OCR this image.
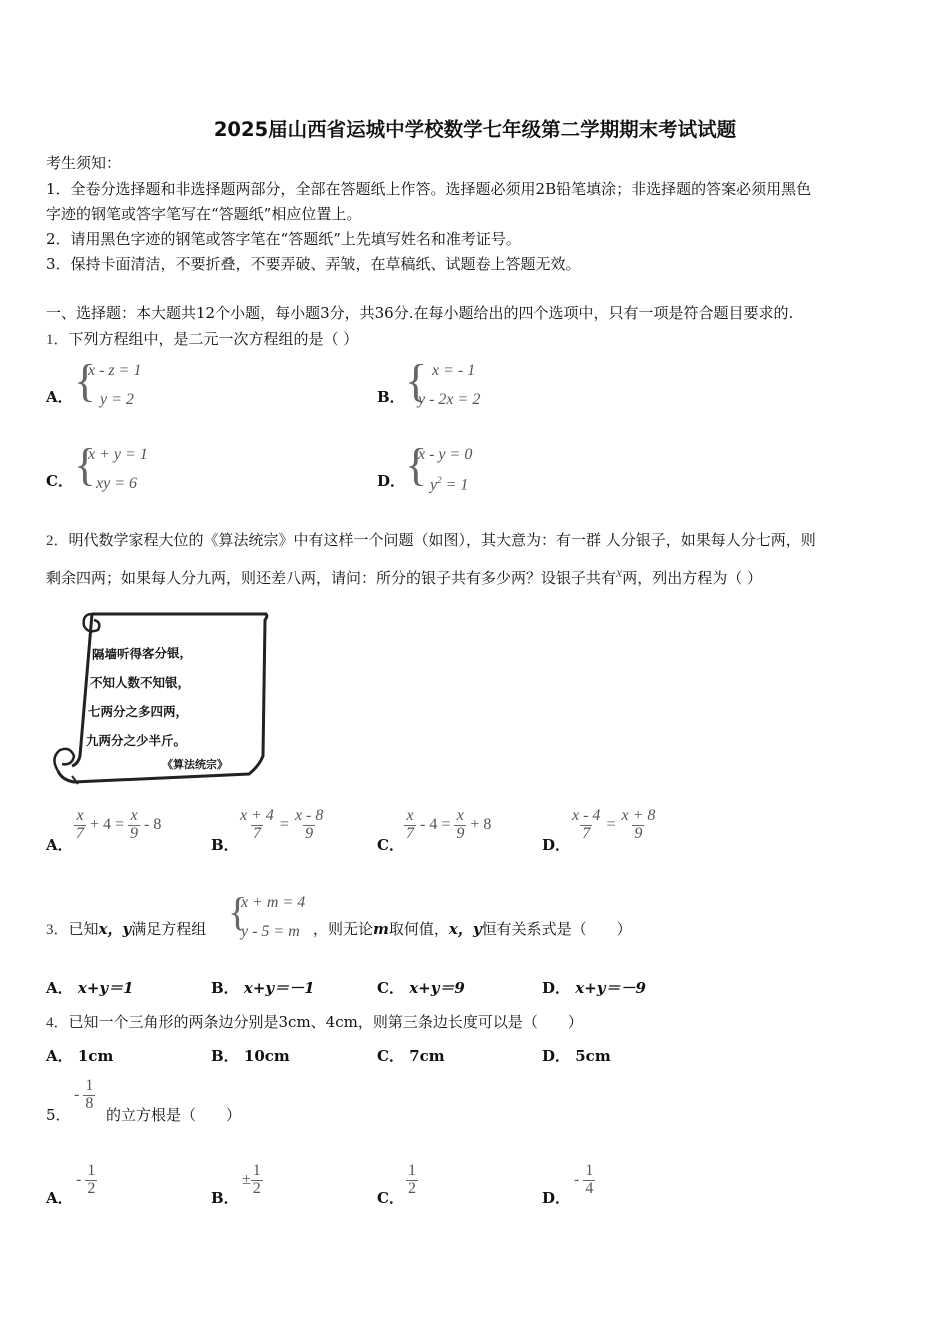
2025届山西省运城中学校数学七年级第二学期期末考试试题
考生须知：
1．全卷分选择题和非选择题两部分，全部在答题纸上作答。选择题必须用2B铅笔填涂；非选择题的答案必须用黑色
字迹的钢笔或答字笔写在“答题纸”相应位置上。
2．请用黑色字迹的钢笔或答字笔在“答题纸”上先填写姓名和准考证号。
3．保持卡面清洁，不要折叠，不要弄破、弄皱，在草稿纸、试题卷上答题无效。
一、选择题：本大题共12个小题，每小题3分，共36分.在每小题给出的四个选项中，只有一项是符合题目要求的.
1．下列方程组中，是二元一次方程组的是（ ）
A． {
x - z = 1
y = 2	B． { x = - 1
y - 2x = 2
C． {
x + y = 1
xy = 6	D． {
x - y = 0
$y^2 = 1$
2．明代数学家程大位的《算法统宗》中有这样一个问题（如图），其大意为：有一群 人分银子，如果每人分七两，则
剩余四两；如果每人分九两，则还差八两，请问：所分的银子共有多少两？设银子共有x两，列出方程为（ ）
隔墙听得客分银，
不知人数不知银，
七两分之多四两，
九两分之少半斤。
《算法统宗》
A．
$\frac{x}{7} + 4 = \frac{x}{9} - 8$
B．
$\frac{x + 4}{7} = \frac{x - 8}{9}$
C．
$\frac{x}{7} - 4 = \frac{x}{9} + 8$
D．
$\frac{x - 4}{7} = \frac{x + 8}{9}$
3．已知x，y满足方程组 {
x + m = 4
y - 5 = m ，则无论m取何值，x，y恒有关系式是（　　）
A． x+y＝1	B． x+y＝－1	C． x+y＝9	D． x+y＝－9
4．已知一个三角形的两条边分别是3cm、4cm，则第三条边长度可以是（　　）
A． 1cm	B． 10cm	C． 7cm	D． 5cm
5．
- $\frac{1}{8}$
的立方根是（　　）
A．
- $\frac{1}{2}$
B．
± $\frac{1}{2}$
C．
$\frac{1}{2}$
D．
- $\frac{1}{4}$
